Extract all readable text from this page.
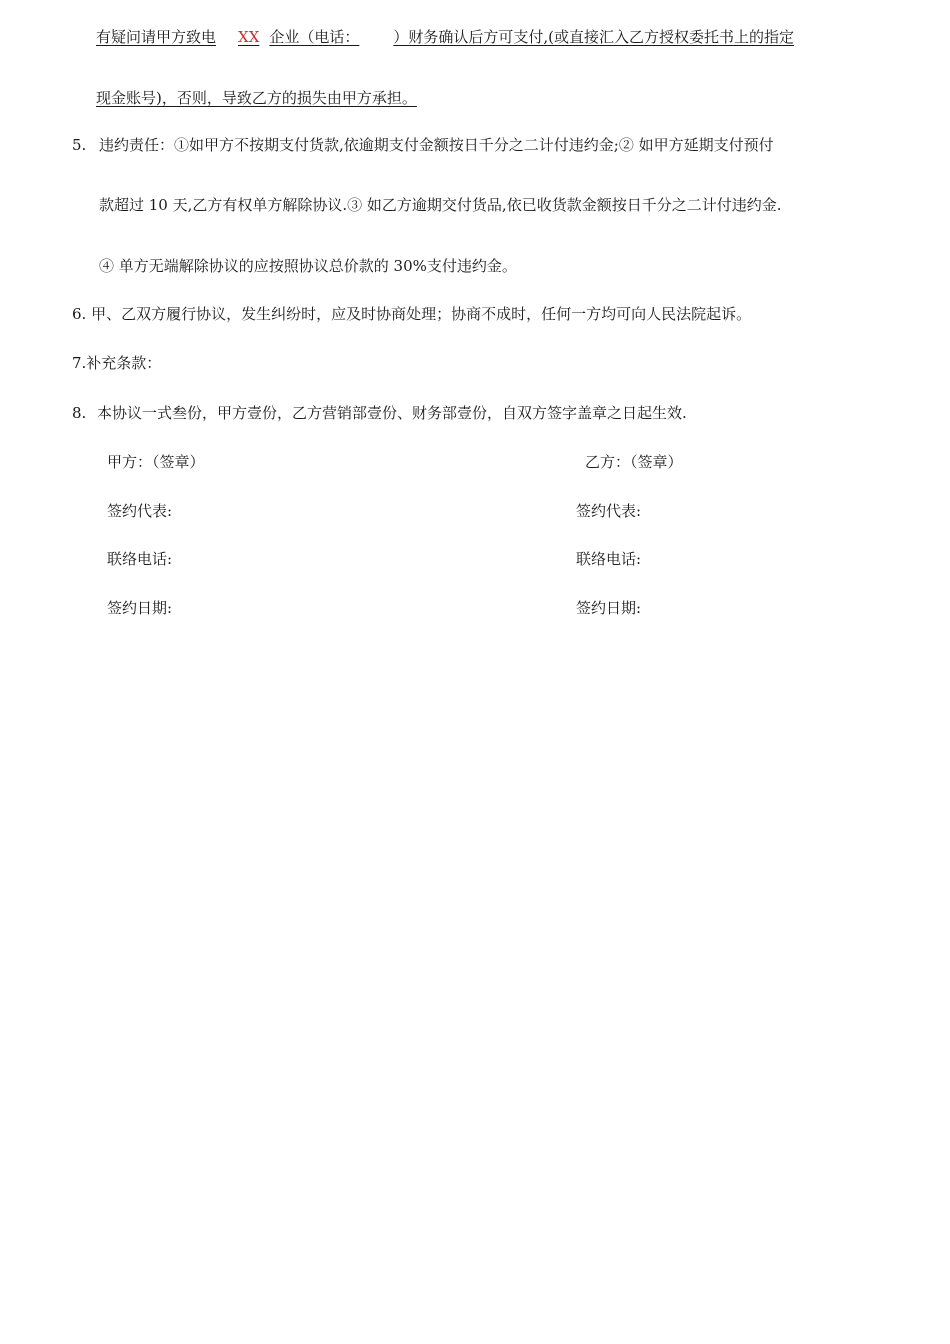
有疑问请甲方致电 XX 企业（电话： ）财务确认后方可支付,(或直接汇入乙方授权委托书上的指定
现金账号)，否则，导致乙方的损失由甲方承担。
5. 违约责任：①如甲方不按期支付货款,依逾期支付金额按日千分之二计付违约金;② 如甲方延期支付预付
款超过 10 天,乙方有权单方解除协议.③ 如乙方逾期交付货品,依已收货款金额按日千分之二计付违约金.
④ 单方无端解除协议的应按照协议总价款的 30%支付违约金。
6. 甲、乙双方履行协议，发生纠纷时，应及时协商处理；协商不成时，任何一方均可向人民法院起诉。
7.补充条款：
8. 本协议一式叁份，甲方壹份，乙方营销部壹份、财务部壹份，自双方签字盖章之日起生效.
甲方：（签章）
签约代表:
联络电话:
签约日期:
乙方：（签章）
签约代表:
联络电话:
签约日期:
